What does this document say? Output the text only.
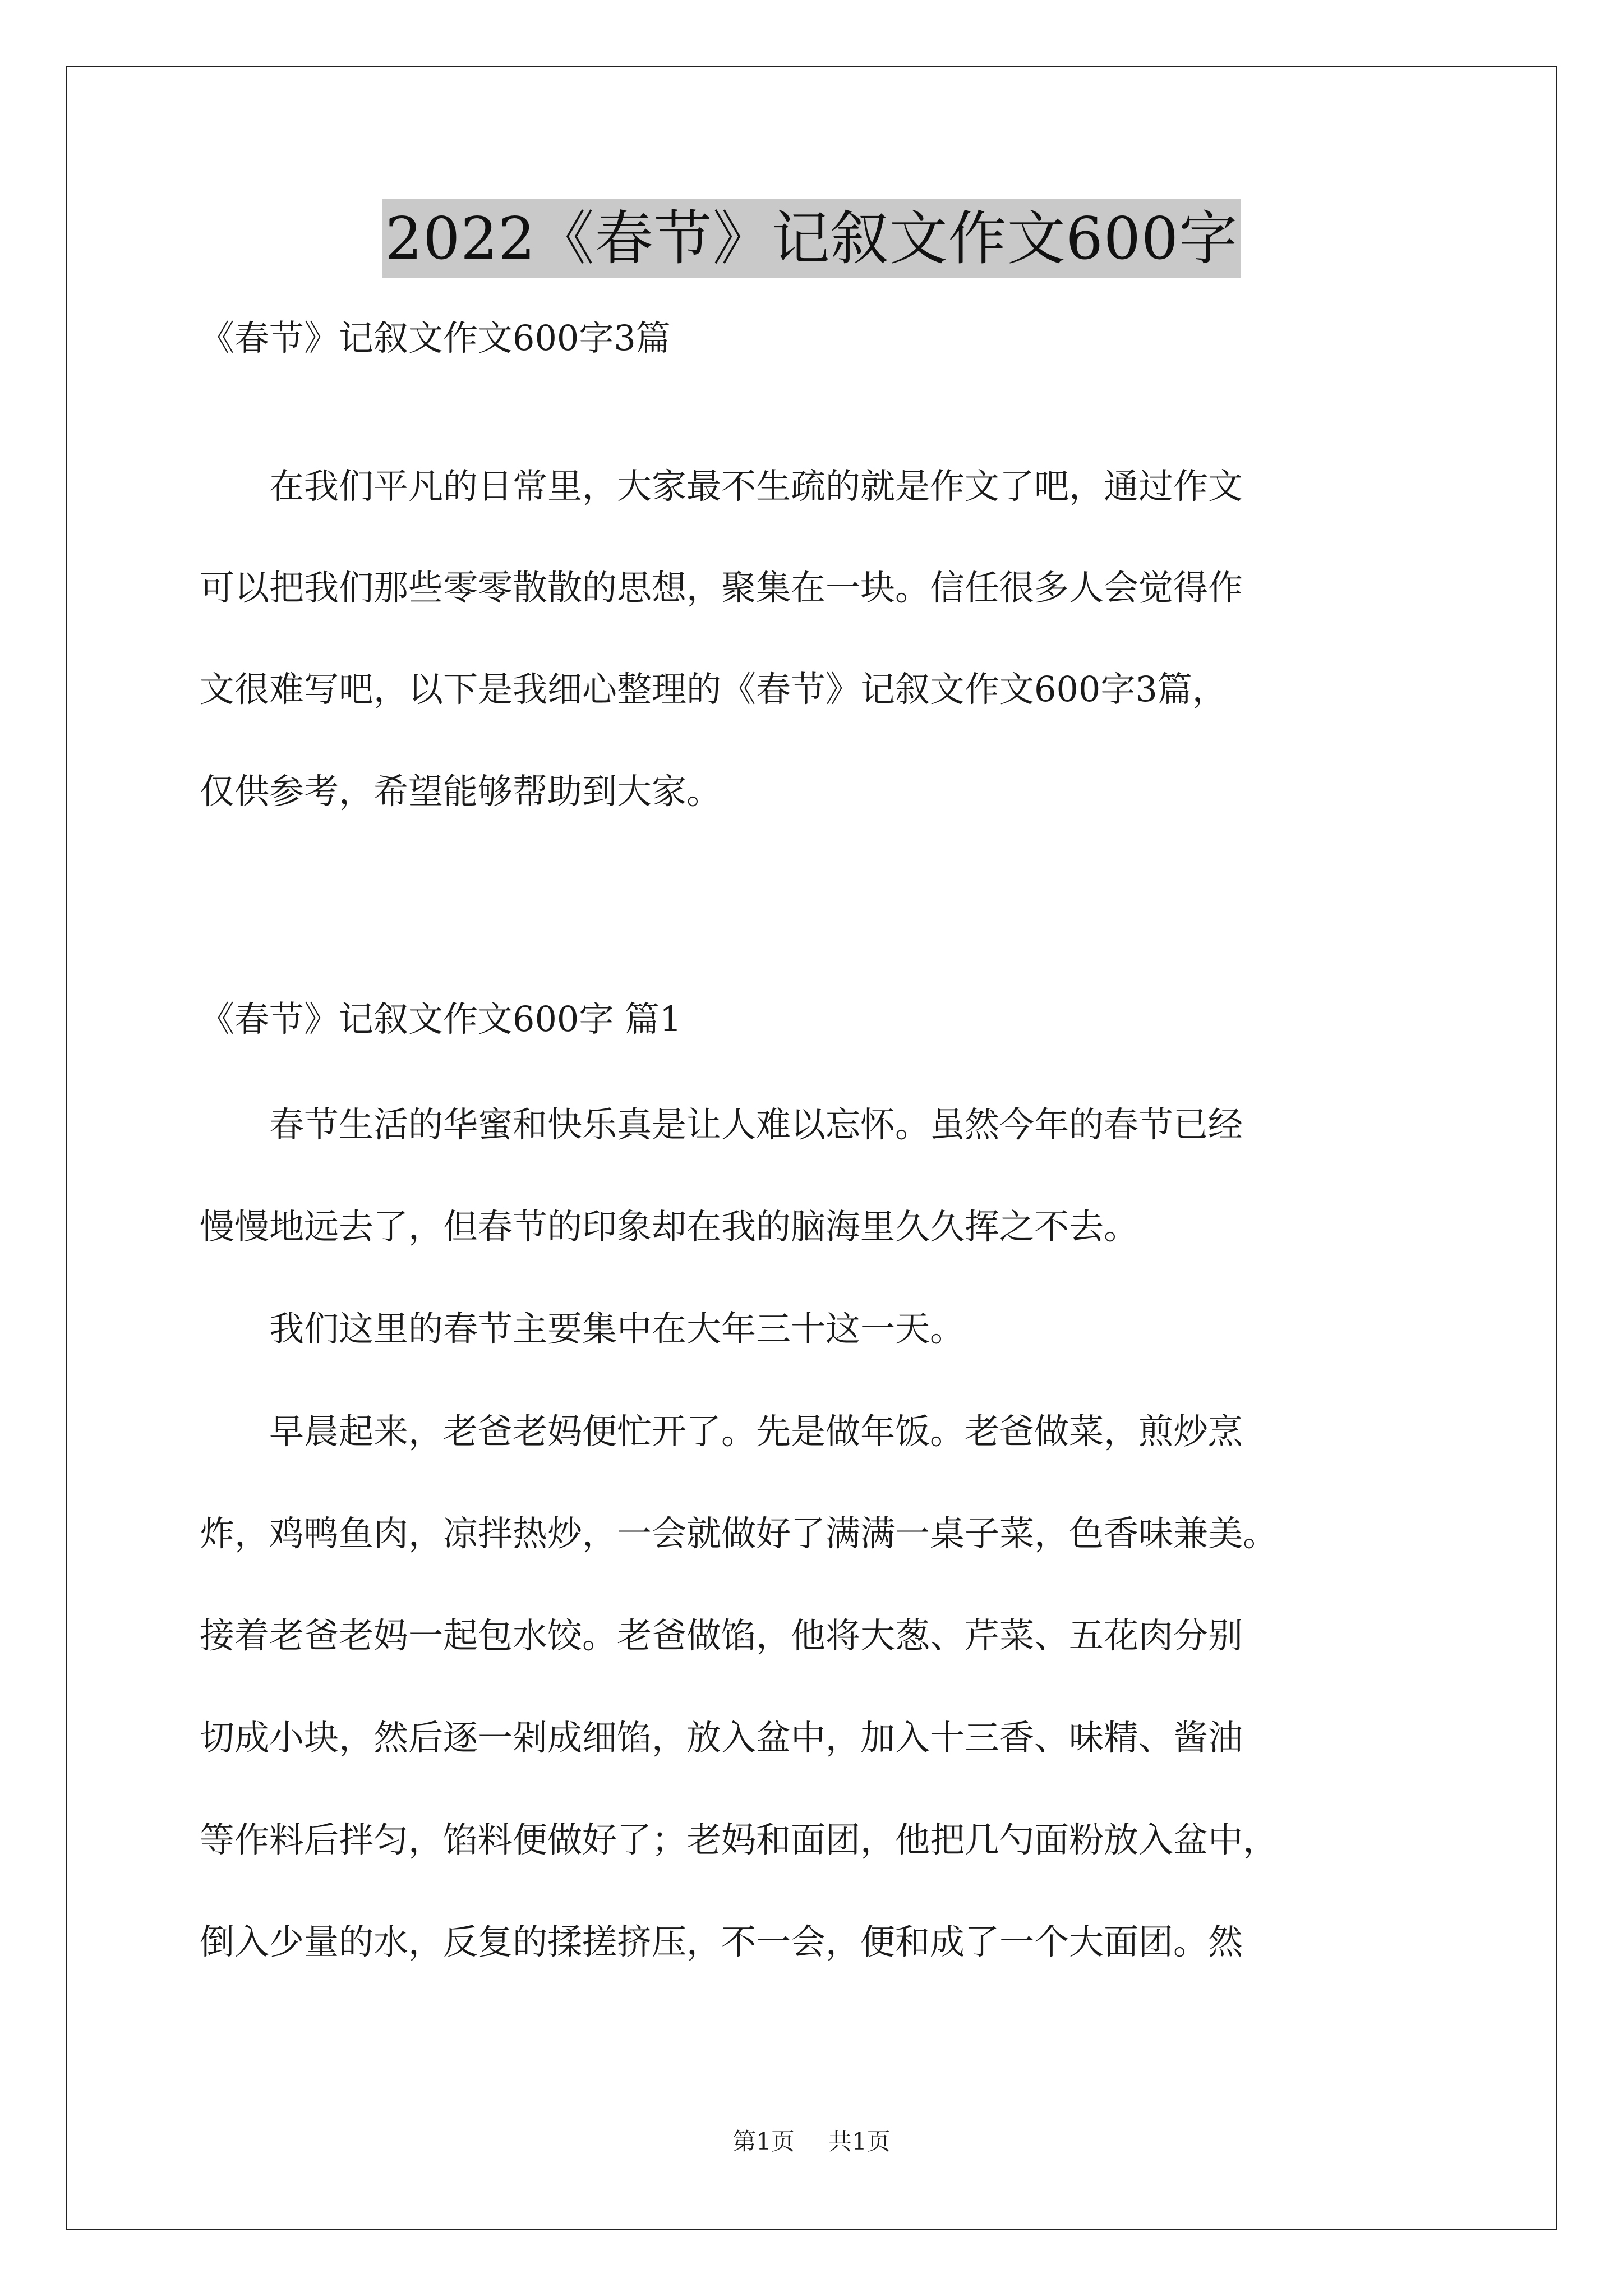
2022《春节》记叙文作文600字
《春节》记叙文作文600字3篇
　　在我们平凡的日常里，大家最不生疏的就是作文了吧，通过作文
可以把我们那些零零散散的思想，聚集在一块。信任很多人会觉得作
文很难写吧，以下是我细心整理的《春节》记叙文作文600字3篇，
仅供参考，希望能够帮助到大家。
《春节》记叙文作文600字 篇1
　　春节生活的华蜜和快乐真是让人难以忘怀。虽然今年的春节已经
慢慢地远去了，但春节的印象却在我的脑海里久久挥之不去。
　　我们这里的春节主要集中在大年三十这一天。
　　早晨起来，老爸老妈便忙开了。先是做年饭。老爸做菜，煎炒烹
炸，鸡鸭鱼肉，凉拌热炒，一会就做好了满满一桌子菜，色香味兼美。
接着老爸老妈一起包水饺。老爸做馅，他将大葱、芹菜、五花肉分别
切成小块，然后逐一剁成细馅，放入盆中，加入十三香、味精、酱油
等作料后拌匀，馅料便做好了；老妈和面团，他把几勺面粉放入盆中，
倒入少量的水，反复的揉搓挤压，不一会，便和成了一个大面团。然
第1页 共1页
